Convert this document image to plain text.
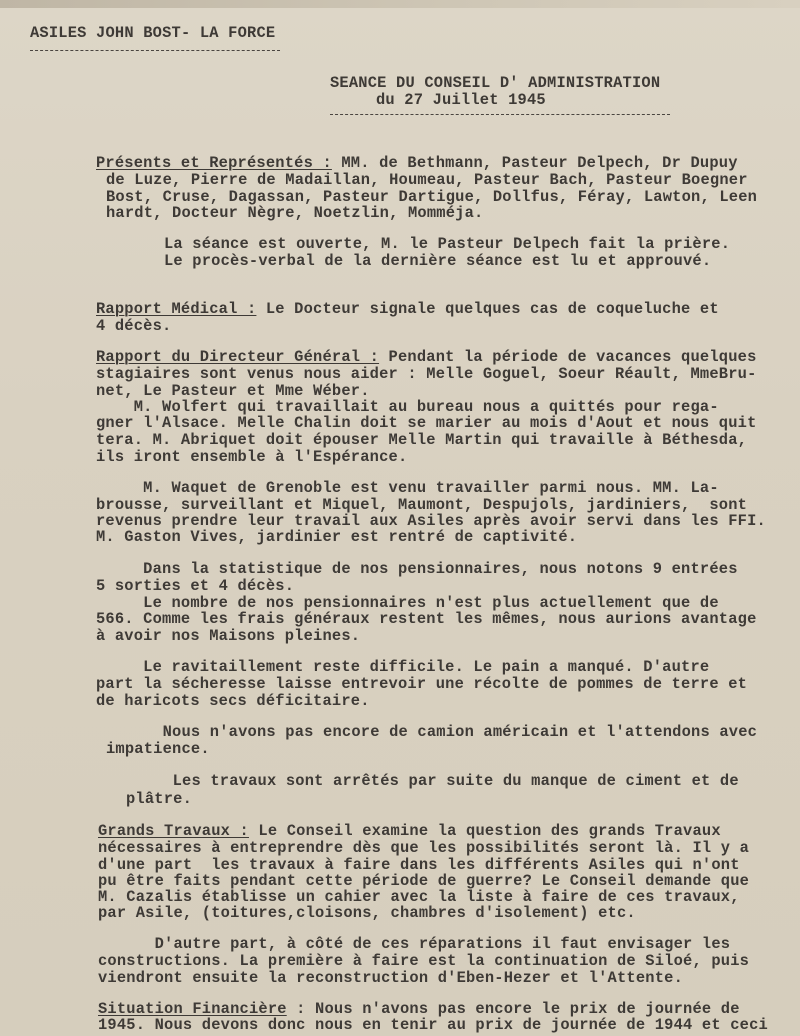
ASILES JOHN BOST- LA FORCE
SEANCE DU CONSEIL D' ADMINISTRATION
du 27 Juillet 1945
Présents et Représentés : MM. de Bethmann, Pasteur Delpech, Dr Dupuy
de Luze, Pierre de Madaillan, Houmeau, Pasteur Bach, Pasteur Boegner
Bost, Cruse, Dagassan, Pasteur Dartigue, Dollfus, Féray, Lawton, Leen
hardt, Docteur Nègre, Noetzlin, Momméja.
La séance est ouverte, M. le Pasteur Delpech fait la prière.
Le procès-verbal de la dernière séance est lu et approuvé.
Rapport Médical : Le Docteur signale quelques cas de coqueluche et
4 décès.
Rapport du Directeur Général : Pendant la période de vacances quelques
stagiaires sont venus nous aider : Melle Goguel, Soeur Réault, MmeBru-
net, Le Pasteur et Mme Wéber.
M. Wolfert qui travaillait au bureau nous a quittés pour rega-
gner l'Alsace. Melle Chalin doit se marier au mois d'Aout et nous quit
tera. M. Abriquet doit épouser Melle Martin qui travaille à Béthesda,
ils iront ensemble à l'Espérance.
M. Waquet de Grenoble est venu travailler parmi nous. MM. La-
brousse, surveillant et Miquel, Maumont, Despujols, jardiniers,  sont
revenus prendre leur travail aux Asiles après avoir servi dans les FFI.
M. Gaston Vives, jardinier est rentré de captivité.
Dans la statistique de nos pensionnaires, nous notons 9 entrées
5 sorties et 4 décès.
Le nombre de nos pensionnaires n'est plus actuellement que de
566. Comme les frais généraux restent les mêmes, nous aurions avantage
à avoir nos Maisons pleines.
Le ravitaillement reste difficile. Le pain a manqué. D'autre
part la sécheresse laisse entrevoir une récolte de pommes de terre et
de haricots secs déficitaire.
Nous n'avons pas encore de camion américain et l'attendons avec
impatience.
Les travaux sont arrêtés par suite du manque de ciment et de
plâtre.
Grands Travaux : Le Conseil examine la question des grands Travaux
nécessaires à entreprendre dès que les possibilités seront là. Il y a
d'une part  les travaux à faire dans les différents Asiles qui n'ont
pu être faits pendant cette période de guerre? Le Conseil demande que
M. Cazalis établisse un cahier avec la liste à faire de ces travaux,
par Asile, (toitures,cloisons, chambres d'isolement) etc.
D'autre part, à côté de ces réparations il faut envisager les
constructions. La première à faire est la continuation de Siloé, puis
viendront ensuite la reconstruction d'Eben-Hezer et l'Attente.
Situation Financière : Nous n'avons pas encore le prix de journée de
1945. Nous devons donc nous en tenir au prix de journée de 1944 et ceci
